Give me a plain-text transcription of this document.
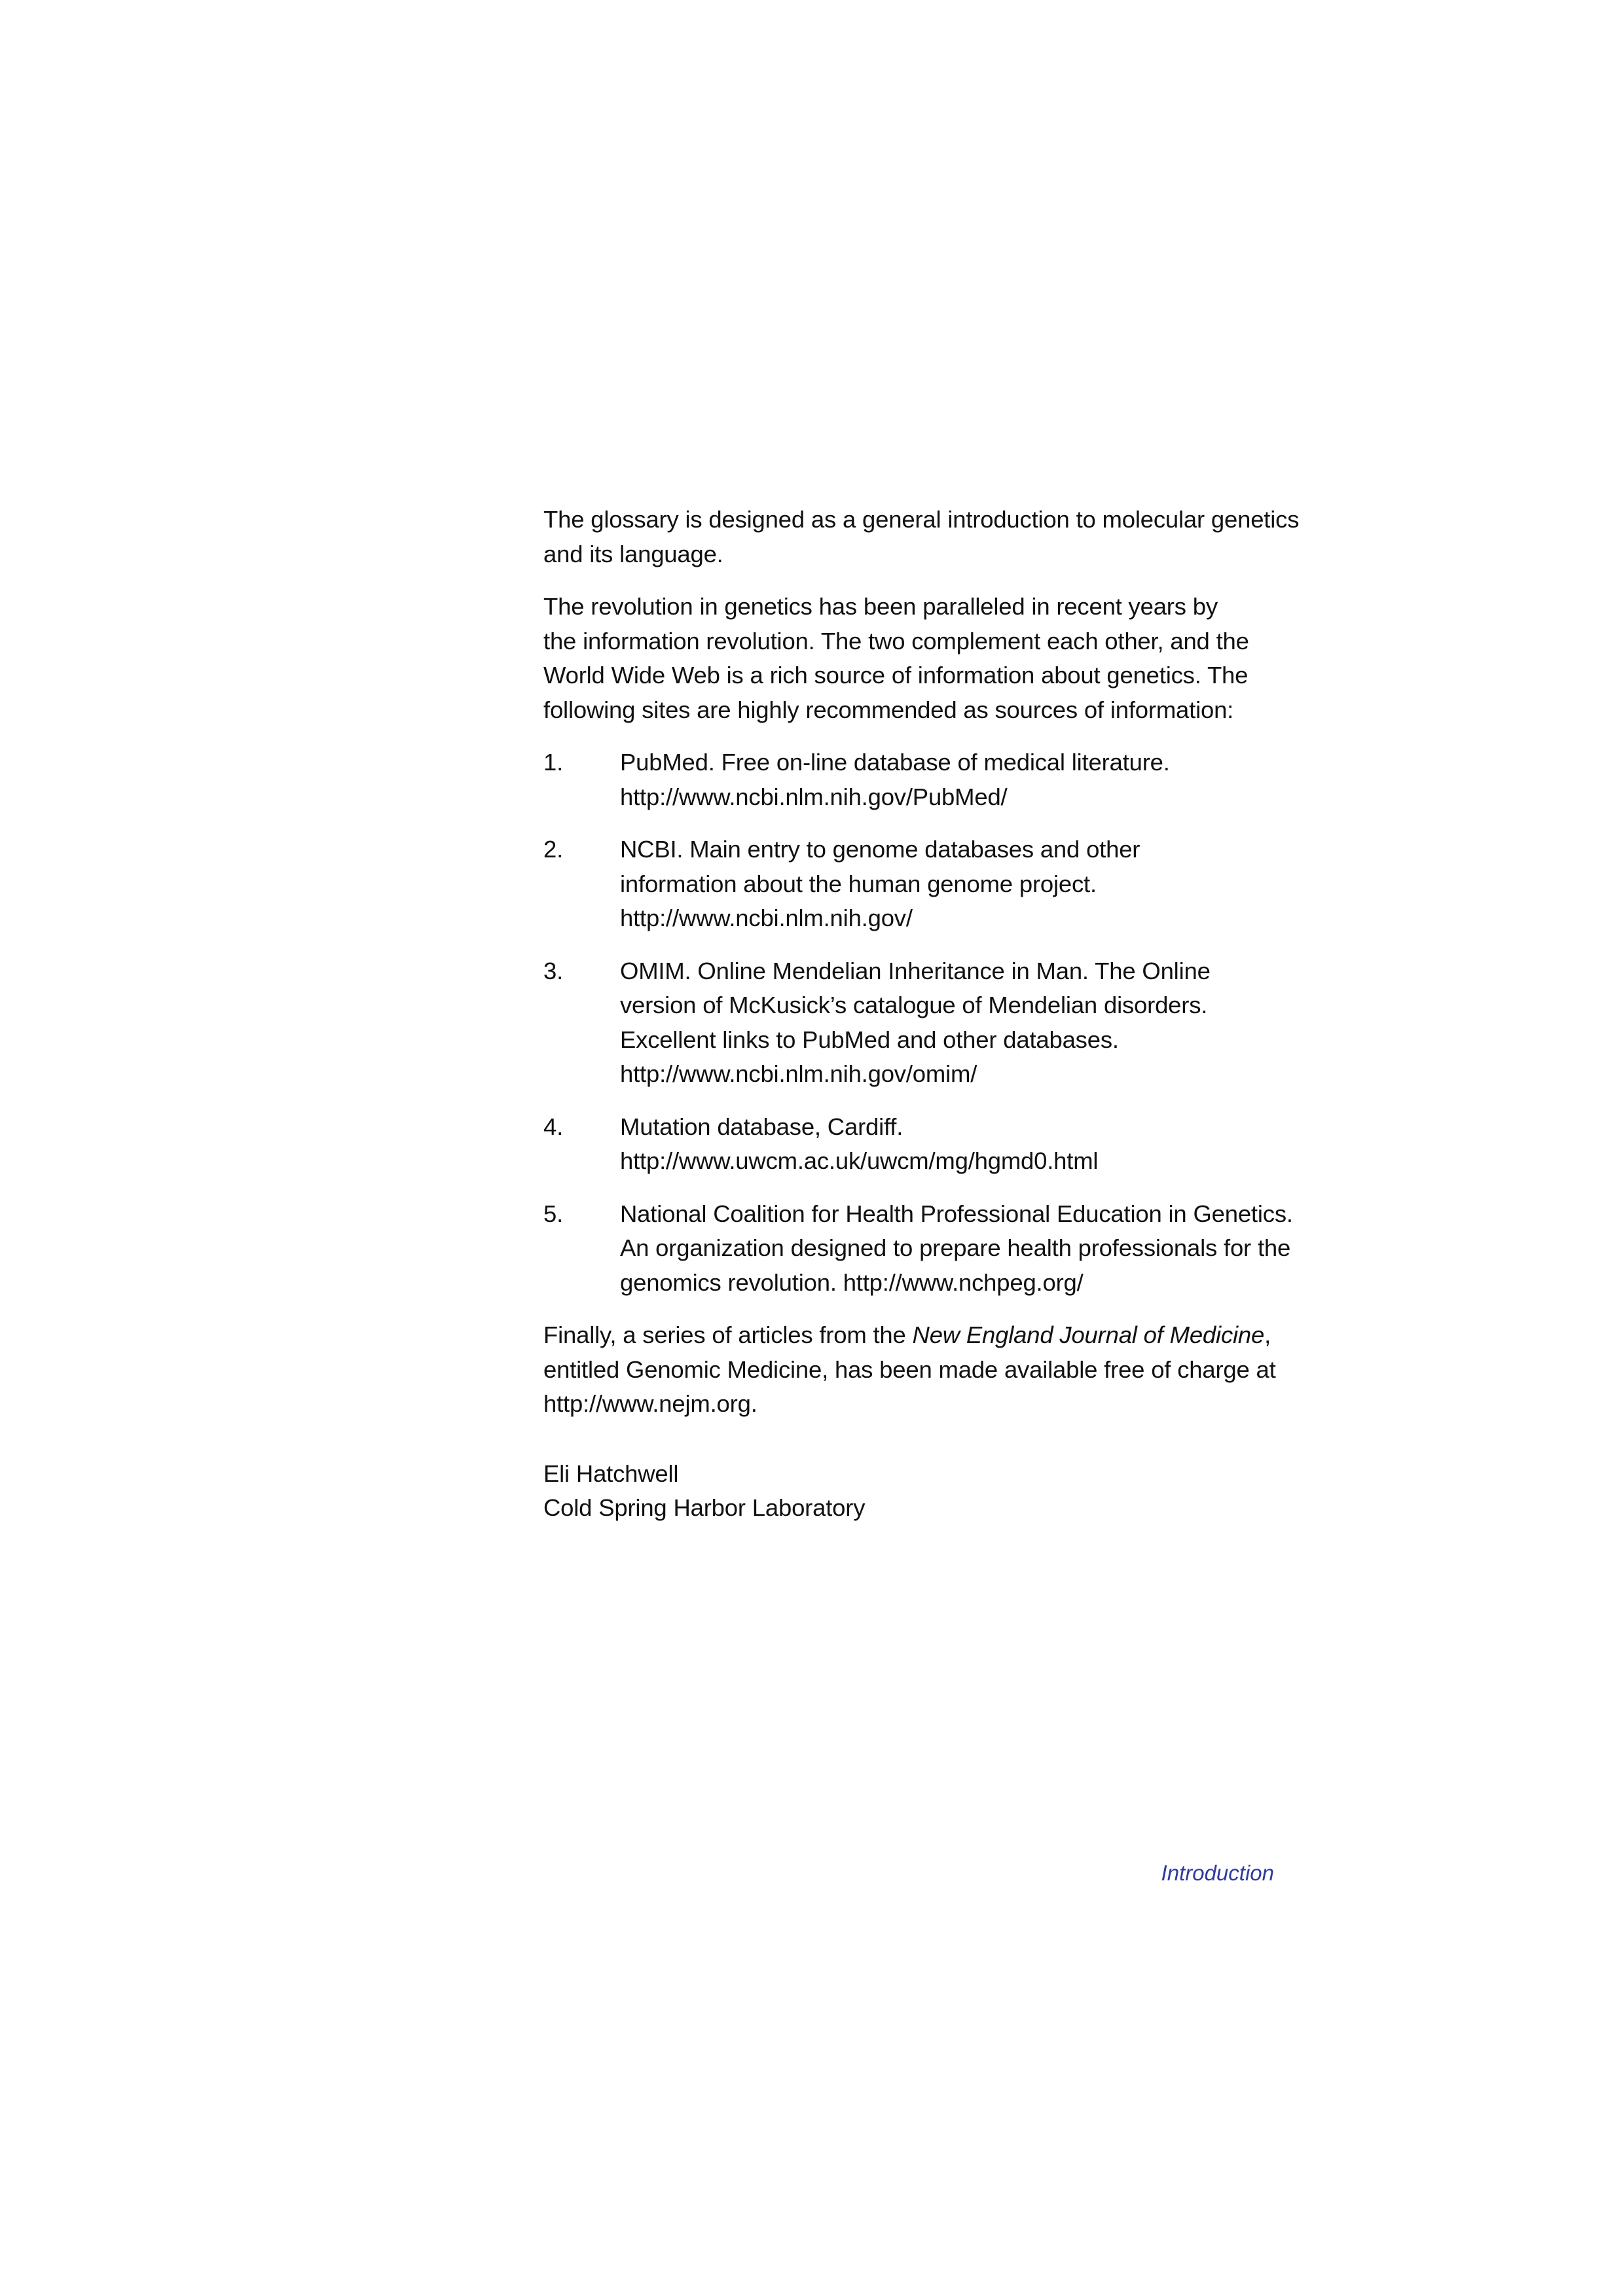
The glossary is designed as a general introduction to molecular genetics
and its language.

The revolution in genetics has been paralleled in recent years by
the information revolution. The two complement each other, and the
World Wide Web is a rich source of information about genetics. The
following sites are highly recommended as sources of information:

1.	PubMed. Free on-line database of medical literature.
http://www.ncbi.nlm.nih.gov/PubMed/
2.	NCBI. Main entry to genome databases and other
information about the human genome project.
http://www.ncbi.nlm.nih.gov/
3.	OMIM. Online Mendelian Inheritance in Man. The Online
version of McKusick’s catalogue of Mendelian disorders.
Excellent links to PubMed and other databases.
http://www.ncbi.nlm.nih.gov/omim/
4.	Mutation database, Cardiff.
http://www.uwcm.ac.uk/uwcm/mg/hgmd0.html
5.	National Coalition for Health Professional Education in Genetics.
An organization designed to prepare health professionals for the
genomics revolution. http://www.nchpeg.org/

Finally, a series of articles from the New England Journal of Medicine,
entitled Genomic Medicine, has been made available free of charge at
http://www.nejm.org.

Eli Hatchwell
Cold Spring Harbor Laboratory
Introduction
